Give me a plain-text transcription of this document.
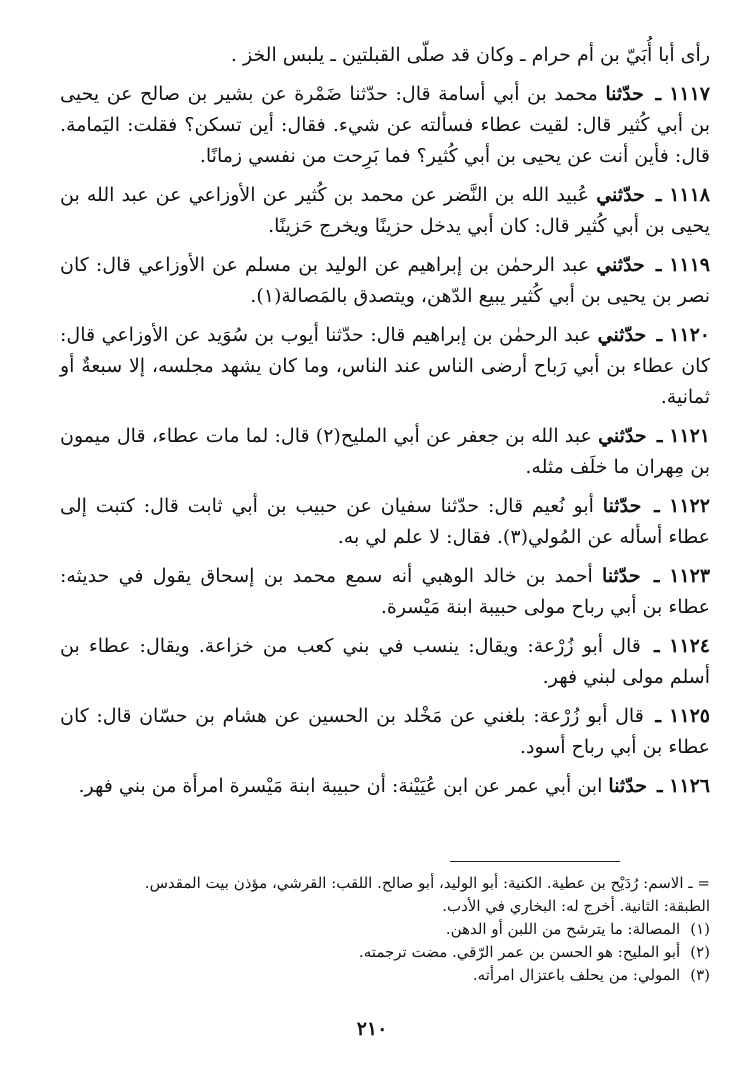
رأى أبا أُبَيّ بن أم حرام ـ وكان قد صلّى القبلتين ـ يلبس الخز .

١١١٧ ـ حدّثنا محمد بن أبي أسامة قال: حدّثنا ضَمْرة عن بشير بن صالح عن يحيى بن أبي كُثير قال: لقيت عطاء فسألته عن شيء. فقال: أين تسكن؟ فقلت: اليَمامة. قال: فأين أنت عن يحيى بن أبي كُثير؟ فما بَرِحت من نفسي زمانًا.

١١١٨ ـ حدّثني عُبيد الله بن النَّضر عن محمد بن كُثير عن الأوزاعي عن عبد الله بن يحيى بن أبي كُثير قال: كان أبي يدخل حزينًا ويخرج حَزينًا.

١١١٩ ـ حدّثني عبد الرحمٰن بن إبراهيم عن الوليد بن مسلم عن الأوزاعي قال: كان نصر بن يحيى بن أبي كُثير يبيع الدّهن، ويتصدق بالمَصالة(١).

١١٢٠ ـ حدّثني عبد الرحمٰن بن إبراهيم قال: حدّثنا أيوب بن سُوَيد عن الأوزاعي قال: كان عطاء بن أبي رَباح أرضى الناس عند الناس، وما كان يشهد مجلسه، إلا سبعةٌ أو ثمانية.

١١٢١ ـ حدّثني عبد الله بن جعفر عن أبي المليح(٢) قال: لما مات عطاء، قال ميمون بن مِهران ما خلَف مثله.

١١٢٢ ـ حدّثنا أبو نُعيم قال: حدّثنا سفيان عن حبيب بن أبي ثابت قال: كتبت إلى عطاء أسأله عن المُولي(٣). فقال: لا علم لي به.

١١٢٣ ـ حدّثنا أحمد بن خالد الوهبي أنه سمع محمد بن إسحاق يقول في حديثه: عطاء بن أبي رباح مولى حبيبة ابنة مَيْسرة.

١١٢٤ ـ قال أبو زُرْعة: ويقال: ينسب في بني كعب من خزاعة. ويقال: عطاء بن أسلم مولى لبني فهر.

١١٢٥ ـ قال أبو زُرْعة: بلغني عن مَخْلد بن الحسين عن هشام بن حسّان قال: كان عطاء بن أبي رباح أسود.

١١٢٦ ـ حدّثنا ابن أبي عمر عن ابن عُيَيْنة: أن حبيبة ابنة مَيْسرة امرأة من بني فهر.

= ـ الاسم: رُدَيْح بن عطية. الكنية: أبو الوليد، أبو صالح. اللقب: القرشي، مؤذن بيت المقدس.

الطبقة: الثانية. أخرج له: البخاري في الأدب.

(١)المصالة: ما يترشح من اللبن أو الدهن.

(٢)أبو المليح: هو الحسن بن عمر الرّقي. مضت ترجمته.

(٣)المولي: من يحلف باعتزال امرأته.

٢١٠
